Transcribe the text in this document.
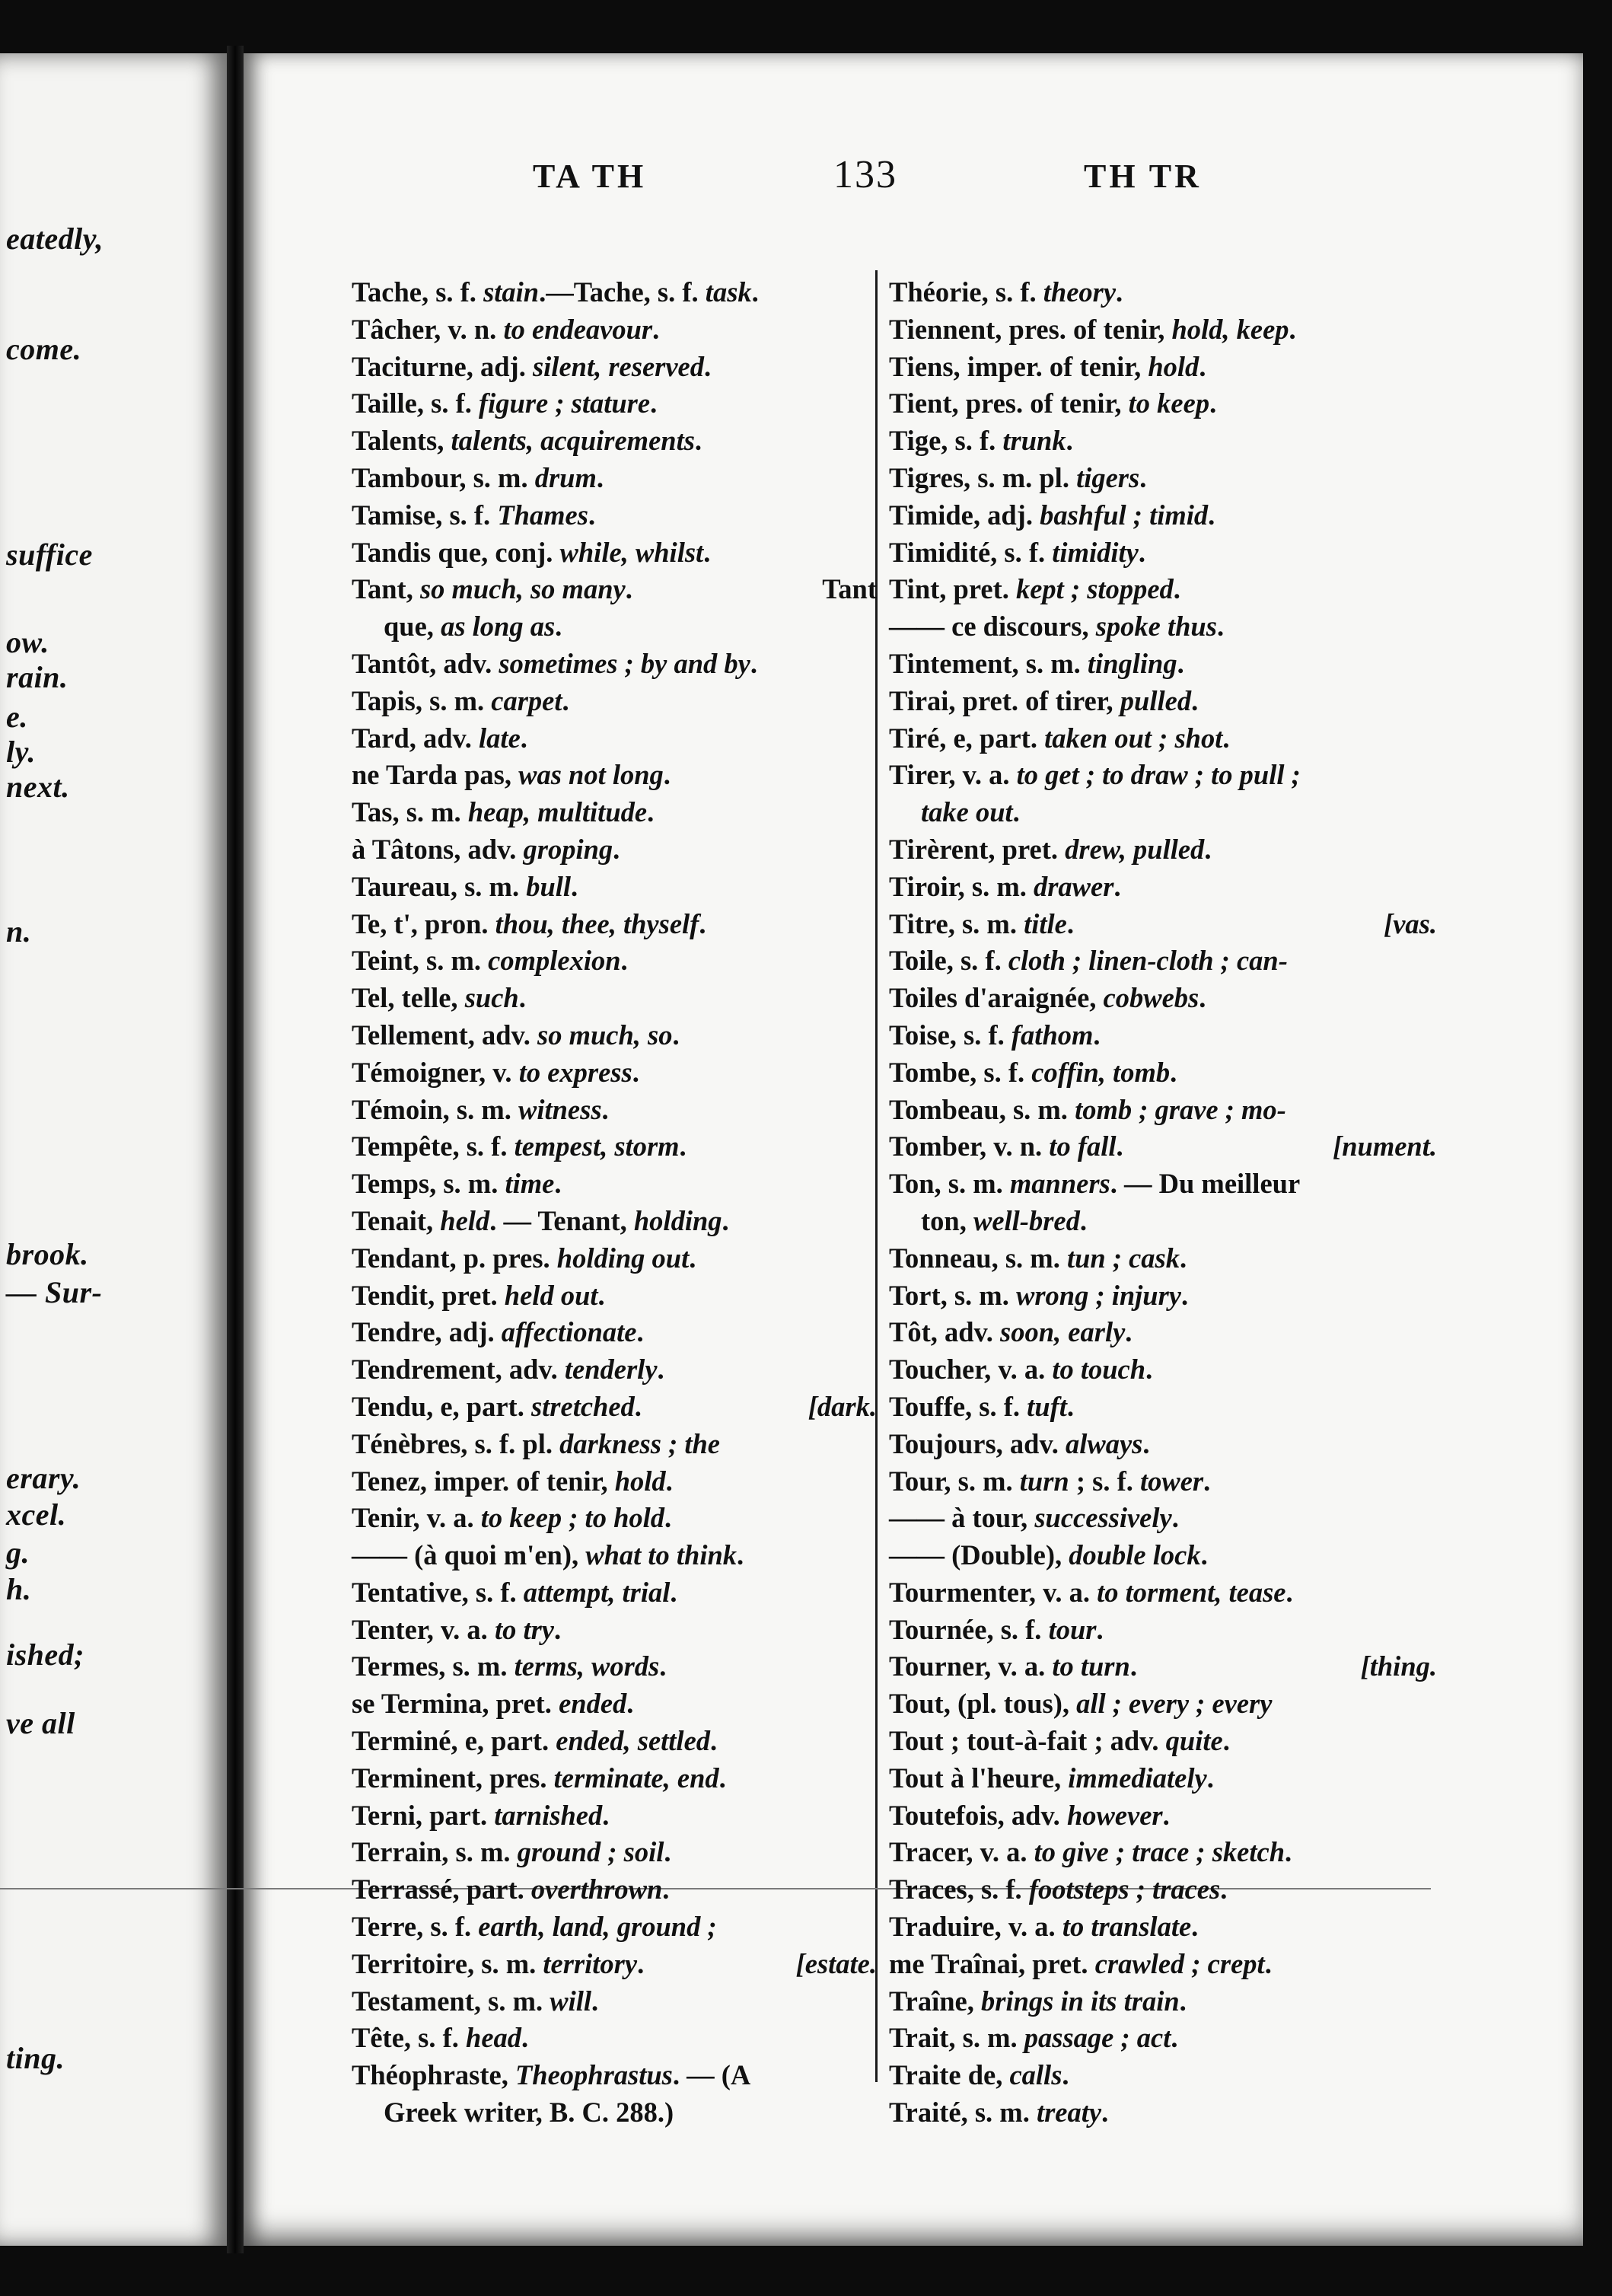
eatedly,
come.
suffice
ow.
rain.
e.
ly.
next.
n.
brook.
— Sur-
erary.
xcel.
g.
h.
ished;
ve all
ting.
TA TH	133	TH TR
Tache, s. f. stain.—Tache, s. f. task.
Tâcher, v. n. to endeavour.
Taciturne, adj. silent, reserved.
Taille, s. f. figure ; stature.
Talents, talents, acquirements.
Tambour, s. m. drum.
Tamise, s. f. Thames.
Tandis que, conj. while, whilst.
Tant
Tant, so much, so many.
que, as long as.
Tantôt, adv. sometimes ; by and by.
Tapis, s. m. carpet.
Tard, adv. late.
ne Tarda pas, was not long.
Tas, s. m. heap, multitude.
à Tâtons, adv. groping.
Taureau, s. m. bull.
Te, t', pron. thou, thee, thyself.
Teint, s. m. complexion.
Tel, telle, such.
Tellement, adv. so much, so.
Témoigner, v. to express.
Témoin, s. m. witness.
Tempête, s. f. tempest, storm.
Temps, s. m. time.
Tenait, held. — Tenant, holding.
Tendant, p. pres. holding out.
Tendit, pret. held out.
Tendre, adj. affectionate.
Tendrement, adv. tenderly.
[dark.
Tendu, e, part. stretched.
Ténèbres, s. f. pl. darkness ; the
Tenez, imper. of tenir, hold.
Tenir, v. a. to keep ; to hold.
—— (à quoi m'en), what to think.
Tentative, s. f. attempt, trial.
Tenter, v. a. to try.
Termes, s. m. terms, words.
se Termina, pret. ended.
Terminé, e, part. ended, settled.
Terminent, pres. terminate, end.
Terni, part. tarnished.
Terrain, s. m. ground ; soil.
Terrassé, part. overthrown.
Terre, s. f. earth, land, ground ;
[estate.
Territoire, s. m. territory.
Testament, s. m. will.
Tête, s. f. head.
Théophraste, Theophrastus. — (A
Greek writer, B. C. 288.)
Théorie, s. f. theory.
Tiennent, pres. of tenir, hold, keep.
Tiens, imper. of tenir, hold.
Tient, pres. of tenir, to keep.
Tige, s. f. trunk.
Tigres, s. m. pl. tigers.
Timide, adj. bashful ; timid.
Timidité, s. f. timidity.
Tint, pret. kept ; stopped.
—— ce discours, spoke thus.
Tintement, s. m. tingling.
Tirai, pret. of tirer, pulled.
Tiré, e, part. taken out ; shot.
Tirer, v. a. to get ; to draw ; to pull ;
take out.
Tirèrent, pret. drew, pulled.
Tiroir, s. m. drawer.
[vas.
Titre, s. m. title.
Toile, s. f. cloth ; linen-cloth ; can-
Toiles d'araignée, cobwebs.
Toise, s. f. fathom.
Tombe, s. f. coffin, tomb.
Tombeau, s. m. tomb ; grave ; mo-
[nument.
Tomber, v. n. to fall.
Ton, s. m. manners. — Du meilleur
ton, well-bred.
Tonneau, s. m. tun ; cask.
Tort, s. m. wrong ; injury.
Tôt, adv. soon, early.
Toucher, v. a. to touch.
Touffe, s. f. tuft.
Toujours, adv. always.
Tour, s. m. turn ; s. f. tower.
—— à tour, successively.
—— (Double), double lock.
Tourmenter, v. a. to torment, tease.
Tournée, s. f. tour.
[thing.
Tourner, v. a. to turn.
Tout, (pl. tous), all ; every ; every
Tout ; tout-à-fait ; adv. quite.
Tout à l'heure, immediately.
Toutefois, adv. however.
Tracer, v. a. to give ; trace ; sketch.
Traces, s. f. footsteps ; traces.
Traduire, v. a. to translate.
me Traînai, pret. crawled ; crept.
Traîne, brings in its train.
Trait, s. m. passage ; act.
Traite de, calls.
Traité, s. m. treaty.
